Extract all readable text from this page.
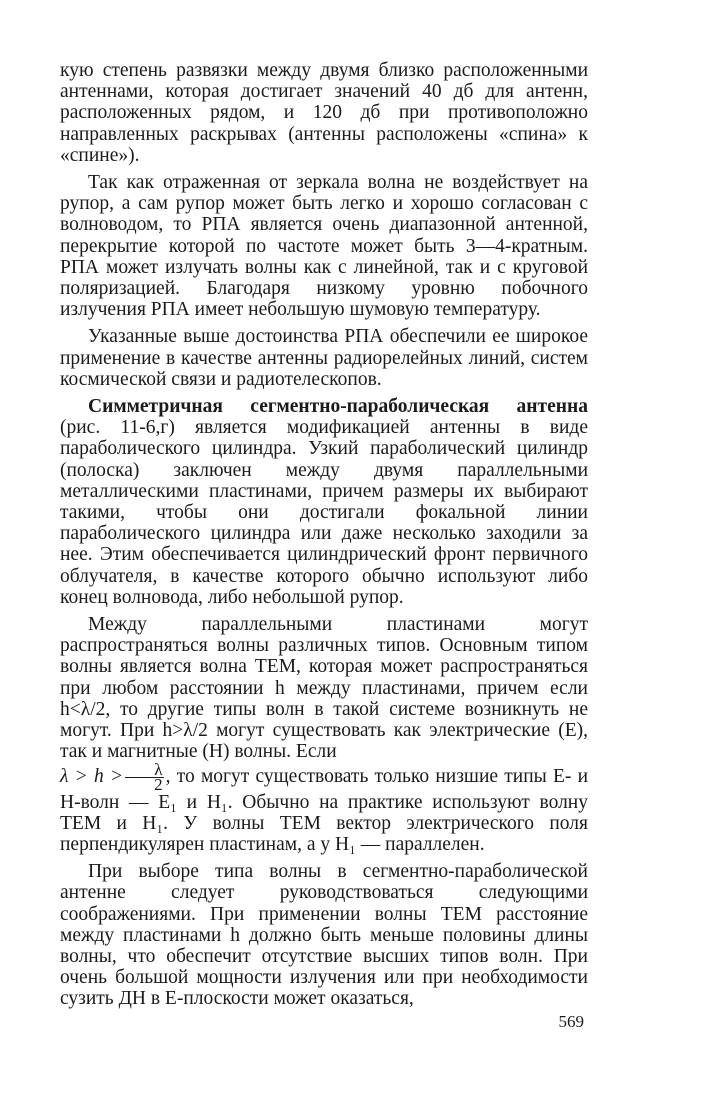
кую степень развязки между двумя близко расположенными антеннами, которая достигает значений 40 дб для антенн, расположенных рядом, и 120 дб при противоположно направленных раскрывах (антенны расположены «спина» к «спине»).

Так как отраженная от зеркала волна не воздействует на рупор, а сам рупор может быть легко и хорошо согласован с волноводом, то РПА является очень диапазонной антенной, перекрытие которой по частоте может быть 3—4-кратным. РПА может излучать волны как с линейной, так и с круговой поляризацией. Благодаря низкому уровню побочного излучения РПА имеет небольшую шумовую температуру.

Указанные выше достоинства РПА обеспечили ее широкое применение в качестве антенны радиорелейных линий, систем космической связи и радиотелескопов.

Симметричная сегментно-параболическая антенна (рис. 11-6,г) является модификацией антенны в виде параболического цилиндра. Узкий параболический цилиндр (полоска) заключен между двумя параллельными металлическими пластинами, причем размеры их выбирают такими, чтобы они достигали фокальной линии параболического цилиндра или даже несколько заходили за нее. Этим обеспечивается цилиндрический фронт первичного облучателя, в качестве которого обычно используют либо конец волновода, либо небольшой рупор.

Между параллельными пластинами могут распространяться волны различных типов. Основным типом волны является волна ТЕМ, которая может распространяться при любом расстоянии h между пластинами, причем если h<λ/2, то другие типы волн в такой системе возникнуть не могут. При h>λ/2 могут существовать как электрические (E), так и магнитные (H) волны. Если
$\lambda > h > \frac{\lambda}{2}$ , то могут существовать только низшие типы E- и H-волн — E₁ и H₁. Обычно на практике используют волну ТЕМ и H₁. У волны ТЕМ вектор электрического поля перпендикулярен пластинам, а у H₁ — параллелен.

При выборе типа волны в сегментно-параболической антенне следует руководствоваться следующими соображениями. При применении волны ТЕМ расстояние между пластинами h должно быть меньше половины длины волны, что обеспечит отсутствие высших типов волн. При очень большой мощности излучения или при необходимости сузить ДН в E-плоскости может оказаться,

569
